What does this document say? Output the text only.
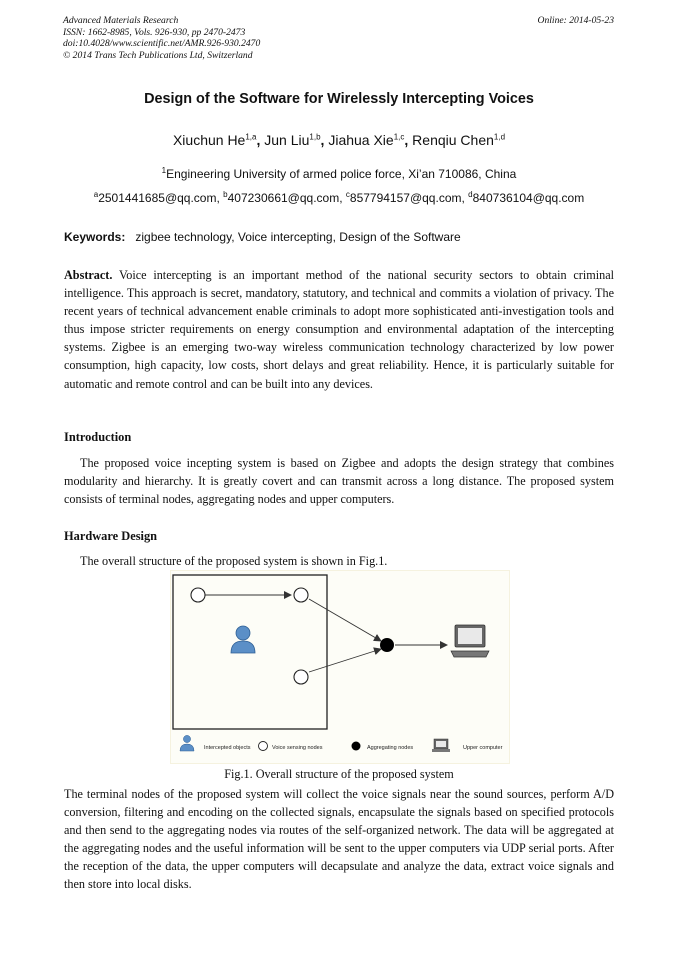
Advanced Materials Research
ISSN: 1662-8985, Vols. 926-930, pp 2470-2473
doi:10.4028/www.scientific.net/AMR.926-930.2470
© 2014 Trans Tech Publications Ltd, Switzerland
Online: 2014-05-23
Design of the Software for Wirelessly Intercepting Voices
Xiuchun He$^{1,a}$, Jun Liu$^{1,b}$, Jiahua Xie$^{1,c}$, Renqiu Chen$^{1,d}$
$^1$Engineering University of armed police force, Xi’an 710086, China
$^a$2501441685@qq.com, $^b$407230661@qq.com, $^c$857794157@qq.com, $^d$840736104@qq.com
Keywords: zigbee technology, Voice intercepting, Design of the Software

Abstract. Voice intercepting is an important method of the national security sectors to obtain criminal intelligence. This approach is secret, mandatory, statutory, and technical and commits a violation of privacy. The recent years of technical advancement enable criminals to adopt more sophisticated anti-investigation tools and thus impose stricter requirements on energy consumption and environmental adaptation of the intercepting systems. Zigbee is an emerging two-way wireless communication technology characterized by low power consumption, high capacity, low costs, short delays and great reliability. Hence, it is particularly suitable for automatic and remote control and can be built into any devices.

Introduction

The proposed voice incepting system is based on Zigbee and adopts the design strategy that combines modularity and hierarchy. It is greatly covert and can transmit across a long distance. The proposed system consists of terminal nodes, aggregating nodes and upper computers.

Hardware Design

The overall structure of the proposed system is shown in Fig.1.

Intercepted objects	Voice sensing nodes	Aggregating nodes	Upper computer
Fig.1. Overall structure of the proposed system

The terminal nodes of the proposed system will collect the voice signals near the sound sources, perform A/D conversion, filtering and encoding on the collected signals, encapsulate the signals based on specified protocols and then send to the aggregating nodes via routes of the self-organized network. The data will be aggregated at the aggregating nodes and the useful information will be sent to the upper computers via UDP serial ports. After the reception of the data, the upper computers will decapsulate and analyze the data, extract voice signals and then store into local disks.
